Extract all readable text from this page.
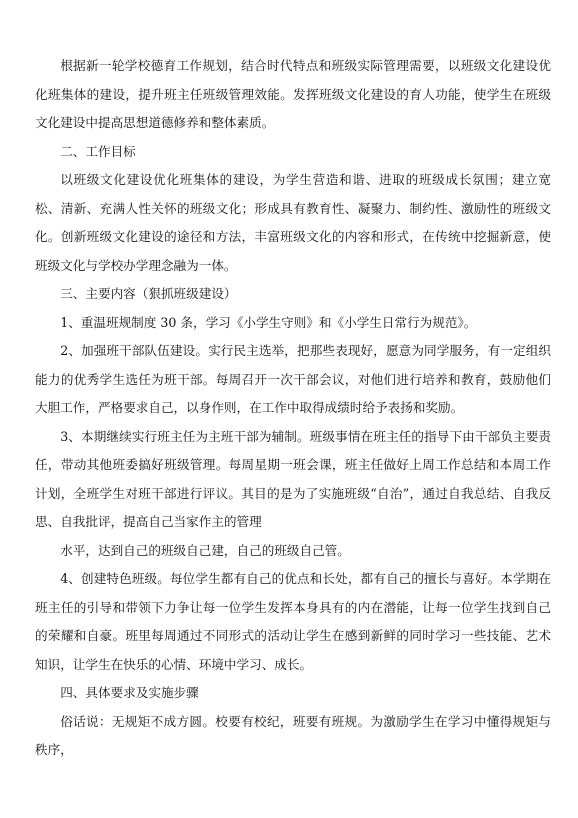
根据新一轮学校德育工作规划，结合时代特点和班级实际管理需要，以班级文化建设优化班集体的建设，提升班主任班级管理效能。发挥班级文化建设的育人功能，使学生在班级文化建设中提高思想道德修养和整体素质。

二、工作目标

以班级文化建设优化班集体的建设，为学生营造和谐、进取的班级成长氛围；建立宽松、清新、充满人性关怀的班级文化；形成具有教育性、凝聚力、制约性、激励性的班级文化。创新班级文化建设的途径和方法，丰富班级文化的内容和形式，在传统中挖掘新意，使班级文化与学校办学理念融为一体。

三、主要内容（狠抓班级建设）

1、重温班规制度 30 条，学习《小学生守则》和《小学生日常行为规范》。

2、加强班干部队伍建设。实行民主选举，把那些表现好，愿意为同学服务，有一定组织能力的优秀学生选任为班干部。每周召开一次干部会议，对他们进行培养和教育，鼓励他们大胆工作，严格要求自己，以身作则，在工作中取得成绩时给予表扬和奖励。

3、本期继续实行班主任为主班干部为辅制。班级事情在班主任的指导下由干部负主要责任，带动其他班委搞好班级管理。每周星期一班会课，班主任做好上周工作总结和本周工作计划，全班学生对班干部进行评议。其目的是为了实施班级“自治”，通过自我总结、自我反思、自我批评，提高自己当家作主的管理

水平，达到自己的班级自己建，自己的班级自己管。

4、创建特色班级。每位学生都有自己的优点和长处，都有自己的擅长与喜好。本学期在班主任的引导和带领下力争让每一位学生发挥本身具有的内在潜能，让每一位学生找到自己的荣耀和自豪。班里每周通过不同形式的活动让学生在感到新鲜的同时学习一些技能、艺术知识，让学生在快乐的心情、环境中学习、成长。

四、具体要求及实施步骤

俗话说：无规矩不成方圆。校要有校纪，班要有班规。为激励学生在学习中懂得规矩与秩序，
